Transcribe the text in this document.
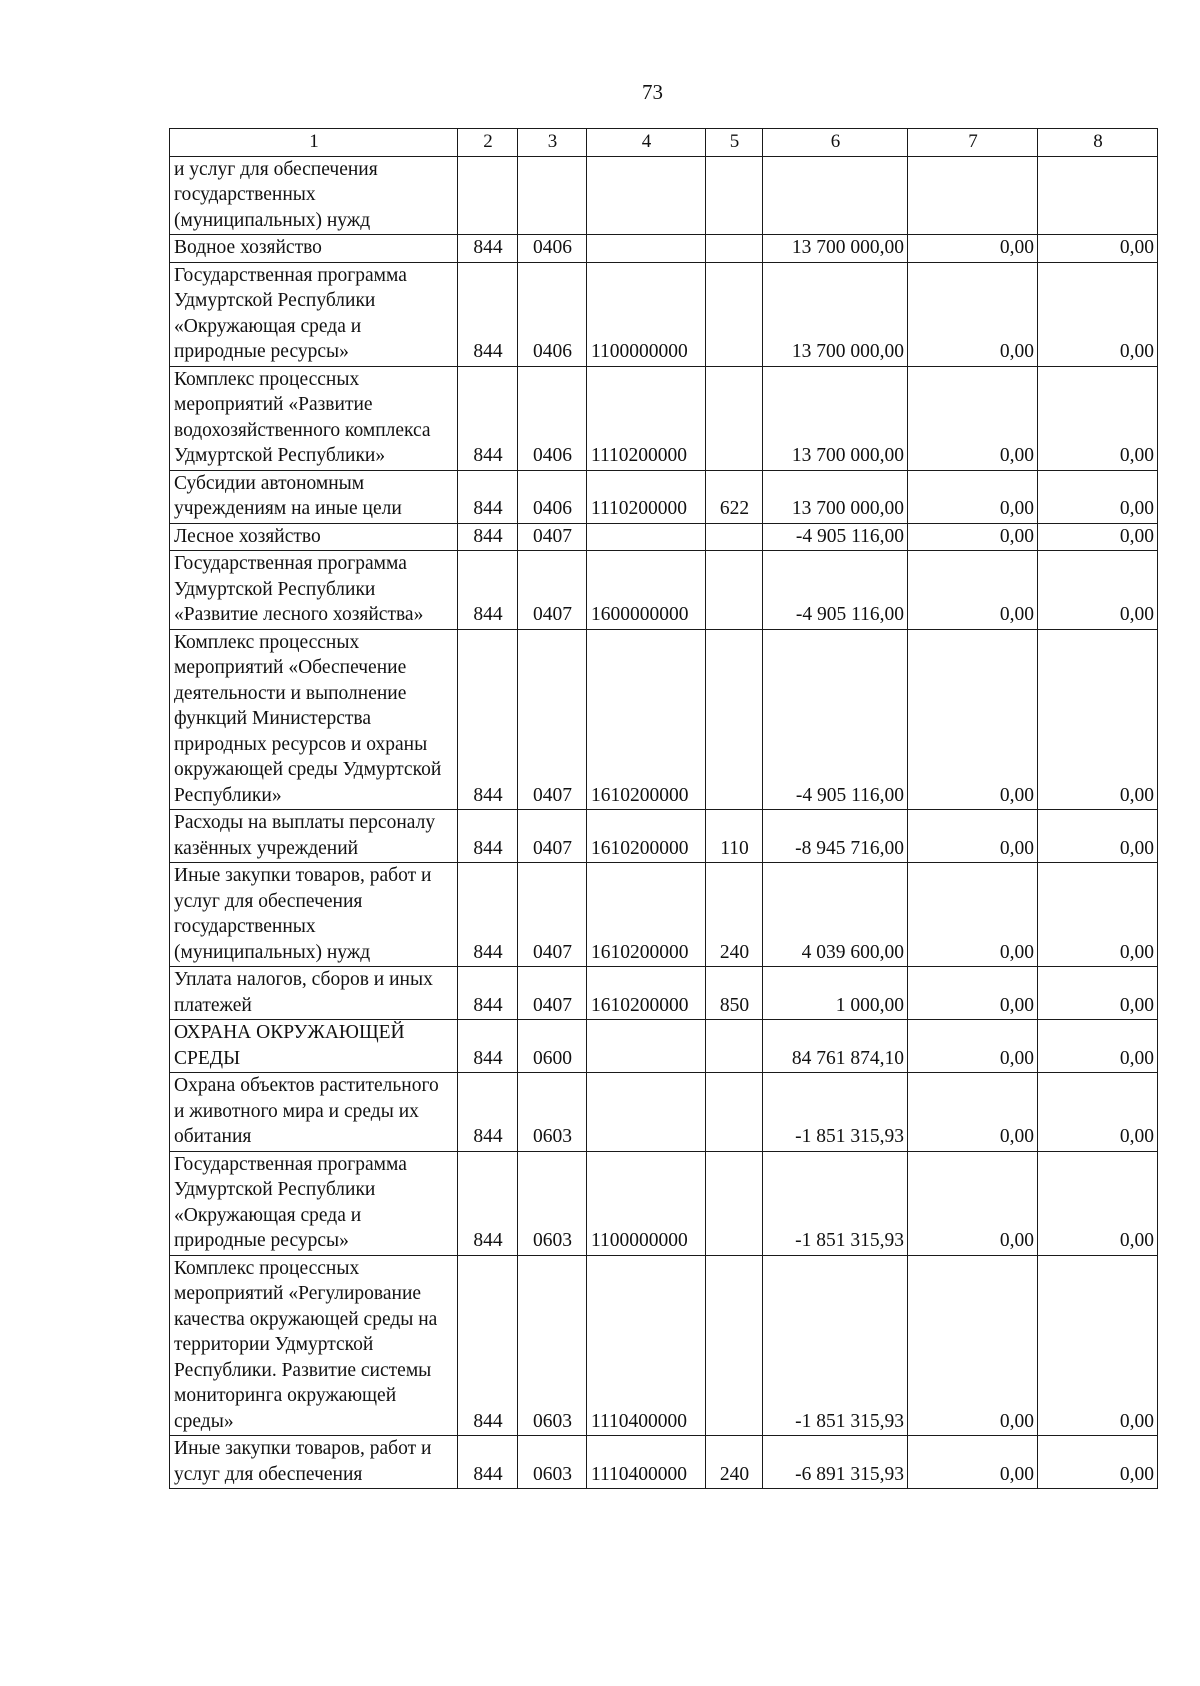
73
1	2	3	4	5	6	7	8
и услуг для обеспечения государственных (муниципальных) нужд							
Водное хозяйство	844	0406			13 700 000,00	0,00	0,00
Государственная программа Удмуртской Республики «Окружающая среда и природные ресурсы»	844	0406	1100000000		13 700 000,00	0,00	0,00
Комплекс процессных мероприятий «Развитие водохозяйственного комплекса Удмуртской Республики»	844	0406	1110200000		13 700 000,00	0,00	0,00
Субсидии автономным учреждениям на иные цели	844	0406	1110200000	622	13 700 000,00	0,00	0,00
Лесное хозяйство	844	0407			-4 905 116,00	0,00	0,00
Государственная программа Удмуртской Республики «Развитие лесного хозяйства»	844	0407	1600000000		-4 905 116,00	0,00	0,00
Комплекс процессных мероприятий «Обеспечение деятельности и выполнение функций Министерства природных ресурсов и охраны окружающей среды Удмуртской Республики»	844	0407	1610200000		-4 905 116,00	0,00	0,00
Расходы на выплаты персоналу казённых учреждений	844	0407	1610200000	110	-8 945 716,00	0,00	0,00
Иные закупки товаров, работ и услуг для обеспечения государственных (муниципальных) нужд	844	0407	1610200000	240	4 039 600,00	0,00	0,00
Уплата налогов, сборов и иных платежей	844	0407	1610200000	850	1 000,00	0,00	0,00
ОХРАНА ОКРУЖАЮЩЕЙ СРЕДЫ	844	0600			84 761 874,10	0,00	0,00
Охрана объектов растительного и животного мира и среды их обитания	844	0603			-1 851 315,93	0,00	0,00
Государственная программа Удмуртской Республики «Окружающая среда и природные ресурсы»	844	0603	1100000000		-1 851 315,93	0,00	0,00
Комплекс процессных мероприятий «Регулирование качества окружающей среды на территории Удмуртской Республики. Развитие системы мониторинга окружающей среды»	844	0603	1110400000		-1 851 315,93	0,00	0,00
Иные закупки товаров, работ и услуг для обеспечения	844	0603	1110400000	240	-6 891 315,93	0,00	0,00
